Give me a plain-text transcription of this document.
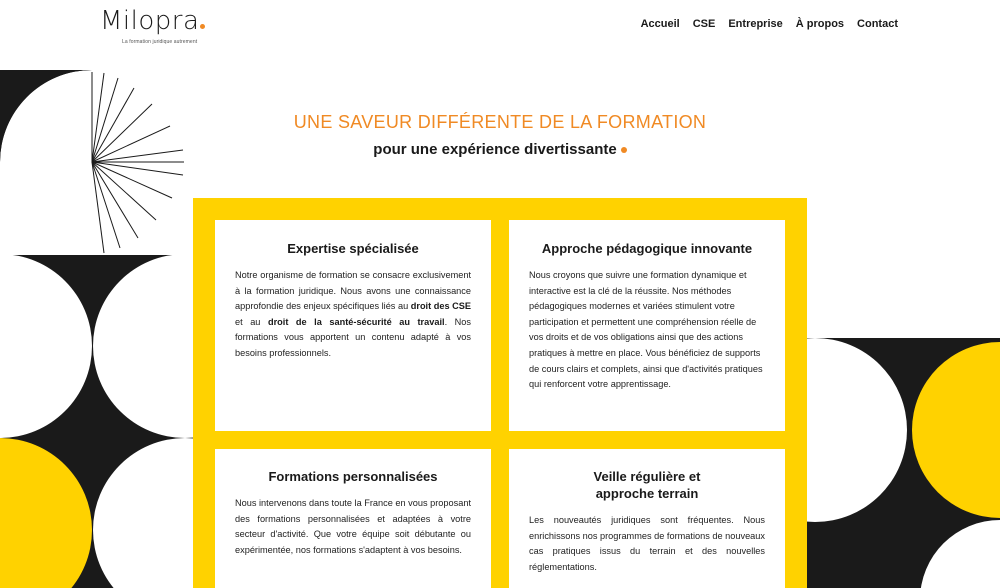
Milopra
La formation juridique autrement
Accueil CSE Entreprise À propos Contact
UNE SAVEUR DIFFÉRENTE DE LA FORMATION
pour une expérience divertissante
Expertise spécialisée

Notre organisme de formation se consacre exclusivement à la formation juridique. Nous avons une connaissance approfondie des enjeux spécifiques liés au droit des CSE et au droit de la santé-sécurité au travail. Nos formations vous apportent un contenu adapté à vos besoins professionnels.

Approche pédagogique innovante

Nous croyons que suivre une formation dynamique et interactive est la clé de la réussite. Nos méthodes pédagogiques modernes et variées stimulent votre participation et permettent une compréhension réelle de vos droits et de vos obligations ainsi que des actions pratiques à mettre en place. Vous bénéficiez de supports de cours clairs et complets, ainsi que d'activités pratiques qui renforcent votre apprentissage.

Formations personnalisées

Nous intervenons dans toute la France en vous proposant des formations personnalisées et adaptées à votre secteur d'activité. Que votre équipe soit débutante ou expérimentée, nos formations s'adaptent à vos besoins.

Veille régulière et
approche terrain

Les nouveautés juridiques sont fréquentes. Nous enrichissons nos programmes de formations de nouveaux cas pratiques issus du terrain et des nouvelles réglementations.
